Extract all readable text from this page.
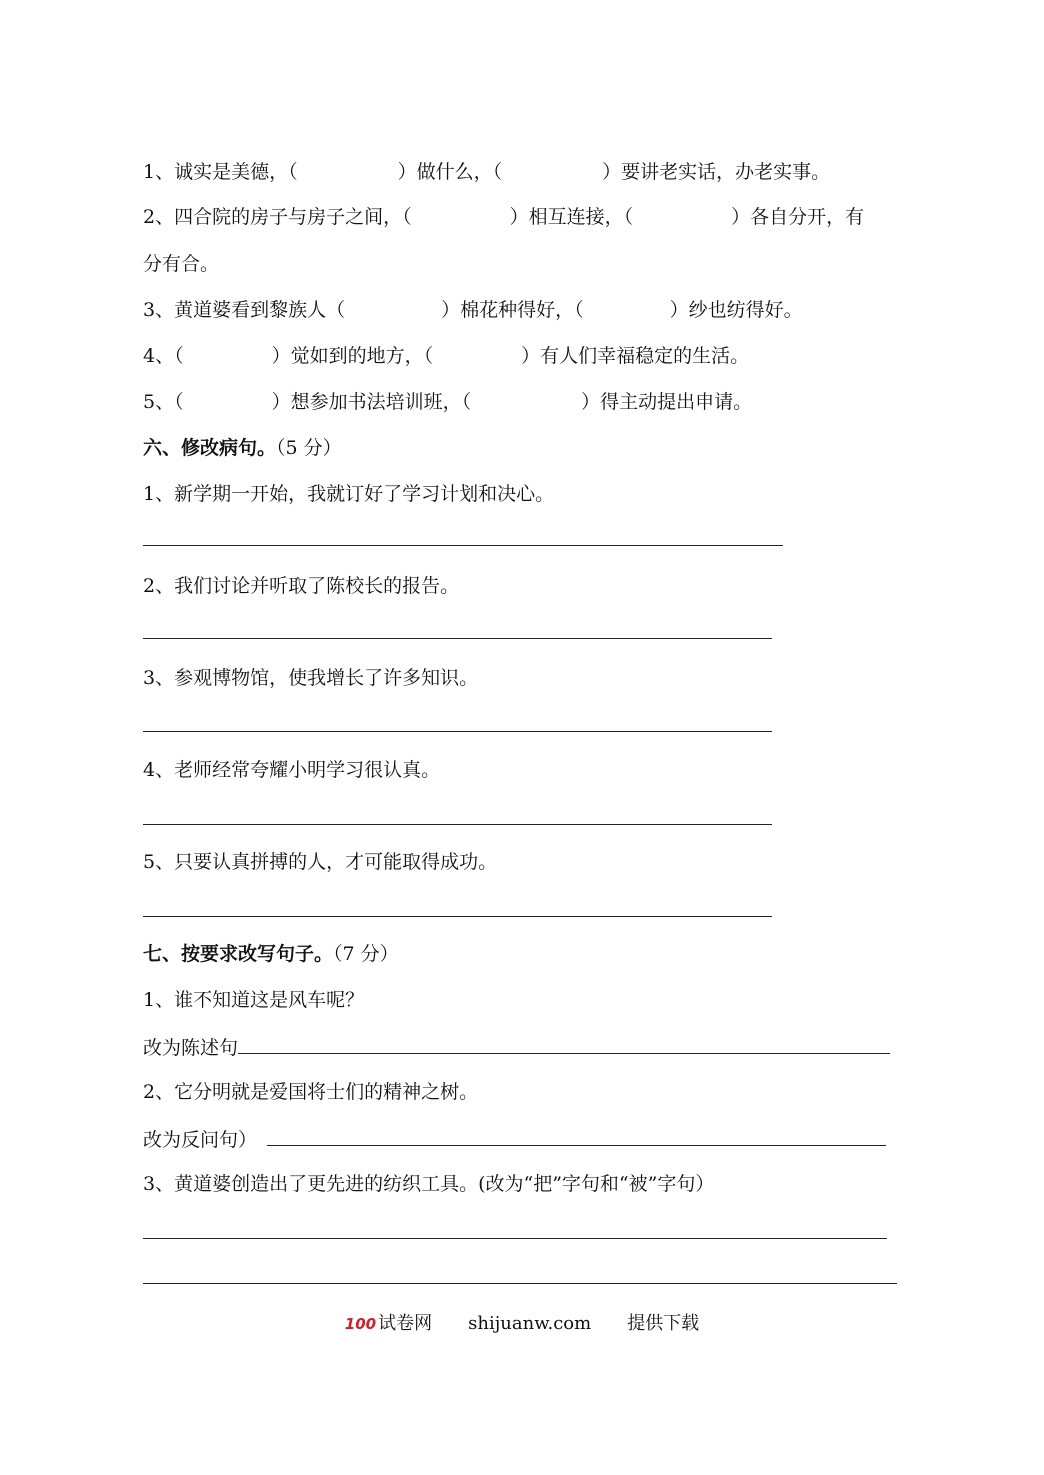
1、诚实是美德，（	）做什么，（	）要讲老实话，办老实事。
2、四合院的房子与房子之间，（	）相互连接，（	）各自分开，有
分有合。
3、黄道婆看到黎族人（	）棉花种得好，（	）纱也纺得好。
4、（	）觉如到的地方，（	）有人们幸福稳定的生活。
5、（	）想参加书法培训班，（	）得主动提出申请。
六、修改病句。（5 分）
1、新学期一开始，我就订好了学习计划和决心。
2、我们讨论并听取了陈校长的报告。
3、参观博物馆，使我增长了许多知识。
4、老师经常夸耀小明学习很认真。
5、只要认真拼搏的人，才可能取得成功。
七、按要求改写句子。（7 分）
1、谁不知道这是风车呢？
改为陈述句
2、它分明就是爱国将士们的精神之树。
改为反问句）
3、黄道婆创造出了更先进的纺织工具。(改为“把”字句和“被”字句）
100 试卷网 shijuanw.com 提供下载
